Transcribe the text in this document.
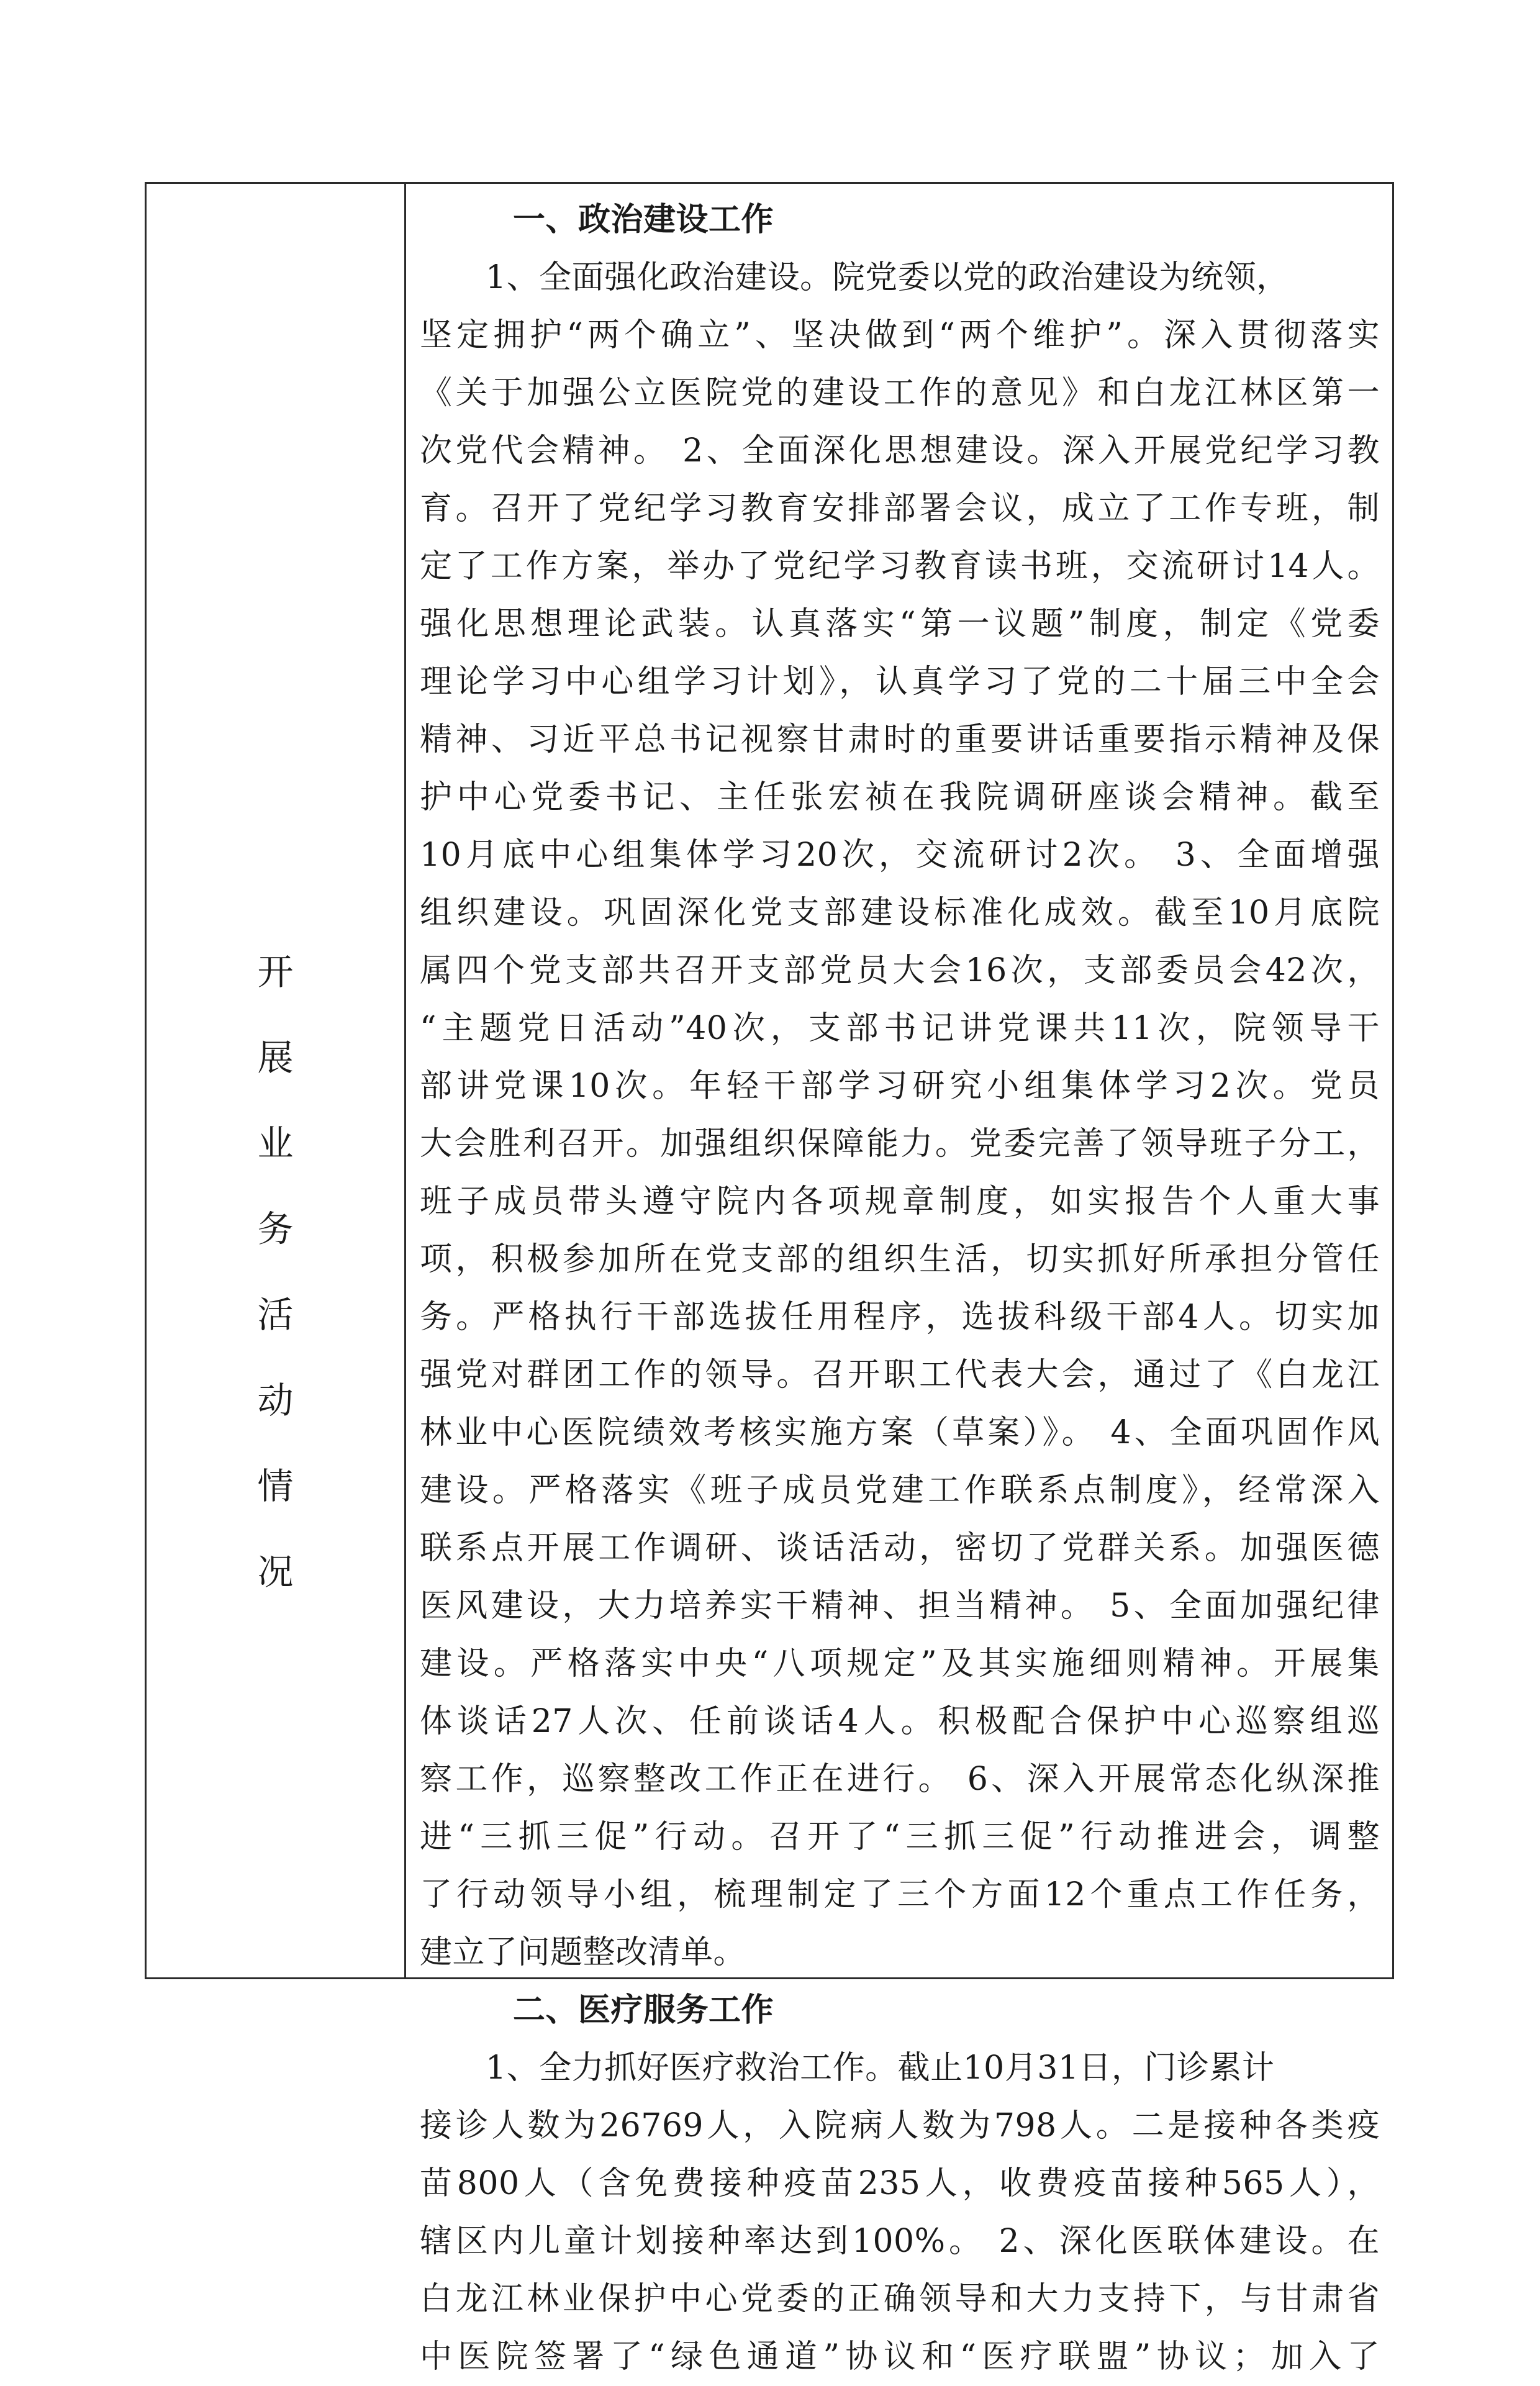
开
展
业
务
活
动
情
况
一、政治建设工作
1、全面强化政治建设。院党委以党的政治建设为统领，
坚定拥护“两个确立”、坚决做到“两个维护”。深入贯彻落实
《关于加强公立医院党的建设工作的意见》和白龙江林区第一
次党代会精神。 2、全面深化思想建设。深入开展党纪学习教
育。召开了党纪学习教育安排部署会议，成立了工作专班，制
定了工作方案，举办了党纪学习教育读书班，交流研讨14人。
强化思想理论武装。认真落实“第一议题”制度，制定《党委
理论学习中心组学习计划》，认真学习了党的二十届三中全会
精神、习近平总书记视察甘肃时的重要讲话重要指示精神及保
护中心党委书记、主任张宏祯在我院调研座谈会精神。截至
10月底中心组集体学习20次，交流研讨2次。 3、全面增强
组织建设。巩固深化党支部建设标准化成效。截至10月底院
属四个党支部共召开支部党员大会16次，支部委员会42次，
“主题党日活动”40次，支部书记讲党课共11次，院领导干
部讲党课10次。年轻干部学习研究小组集体学习2次。党员
大会胜利召开。加强组织保障能力。党委完善了领导班子分工，
班子成员带头遵守院内各项规章制度，如实报告个人重大事
项，积极参加所在党支部的组织生活，切实抓好所承担分管任
务。严格执行干部选拔任用程序，选拔科级干部4人。切实加
强党对群团工作的领导。召开职工代表大会，通过了《白龙江
林业中心医院绩效考核实施方案（草案）》。 4、全面巩固作风
建设。严格落实《班子成员党建工作联系点制度》，经常深入
联系点开展工作调研、谈话活动，密切了党群关系。加强医德
医风建设，大力培养实干精神、担当精神。 5、全面加强纪律
建设。严格落实中央“八项规定”及其实施细则精神。开展集
体谈话27人次、任前谈话4人。积极配合保护中心巡察组巡
察工作，巡察整改工作正在进行。 6、深入开展常态化纵深推
进“三抓三促”行动。召开了“三抓三促”行动推进会，调整
了行动领导小组，梳理制定了三个方面12个重点工作任务，
建立了问题整改清单。
二、医疗服务工作
1、全力抓好医疗救治工作。截止10月31日，门诊累计
接诊人数为26769人，入院病人数为798人。二是接种各类疫
苗800人（含免费接种疫苗235人，收费疫苗接种565人），
辖区内儿童计划接种率达到100%。 2、深化医联体建设。在
白龙江林业保护中心党委的正确领导和大力支持下，与甘肃省
中医院签署了“绿色通道”协议和“医疗联盟”协议；加入了
